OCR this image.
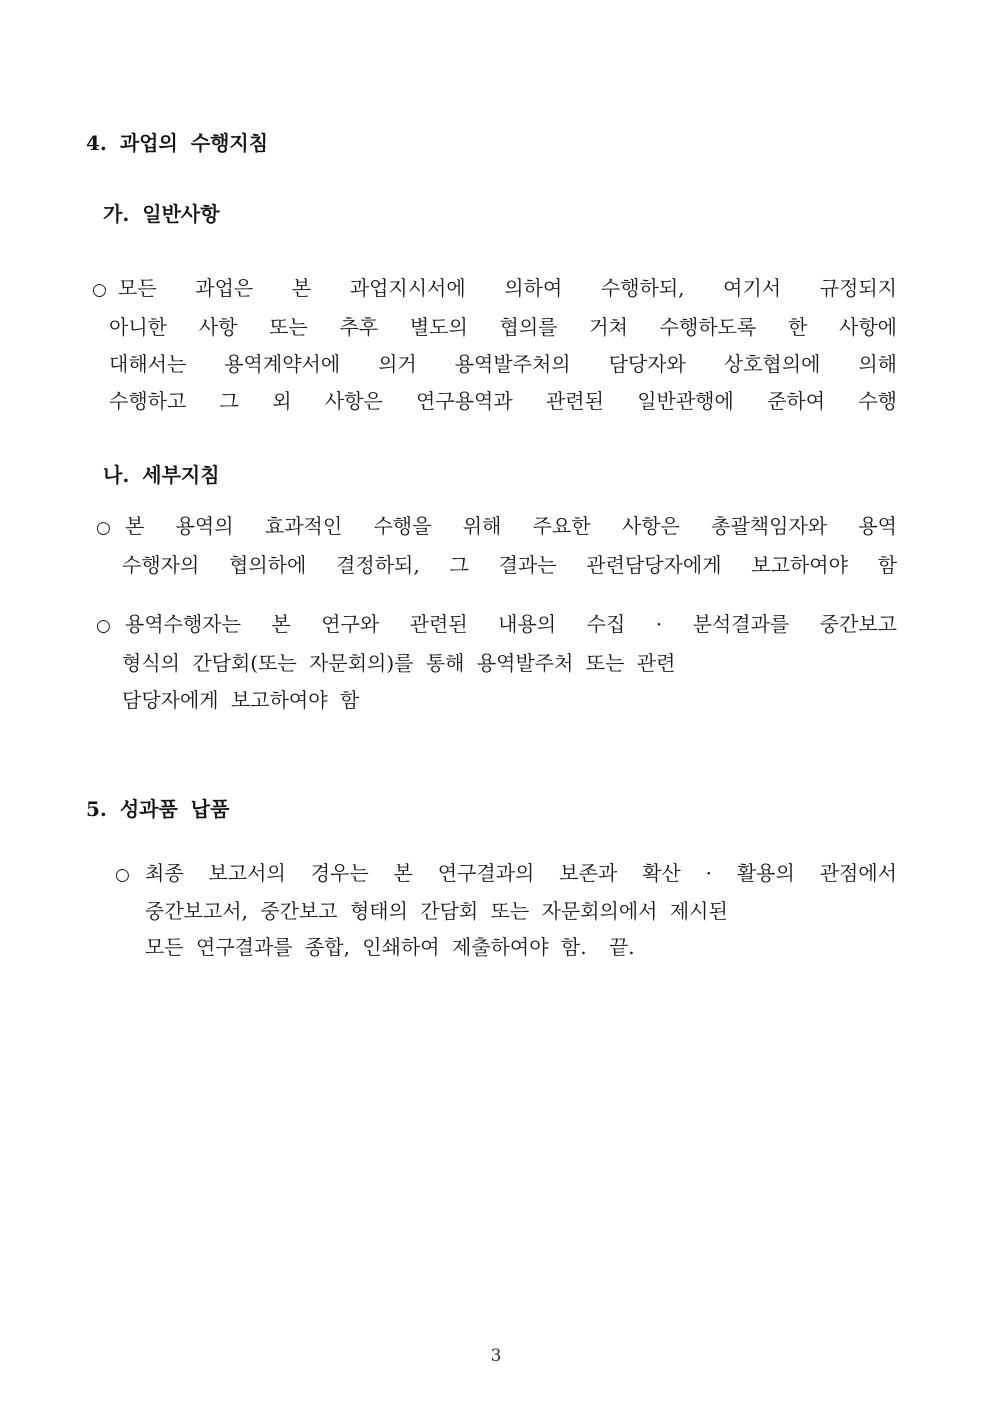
4. 과업의 수행지침
가. 일반사항
○ 모든 과업은 본 과업지시서에 의하여 수행하되, 여기서 규정되지
아니한 사항 또는 추후 별도의 협의를 거쳐 수행하도록 한 사항에
대해서는 용역계약서에 의거 용역발주처의 담당자와 상호협의에 의해
수행하고 그 외 사항은 연구용역과 관련된 일반관행에 준하여 수행
나. 세부지침
○ 본 용역의 효과적인 수행을 위해 주요한 사항은 총괄책임자와 용역
수행자의 협의하에 결정하되, 그 결과는 관련담당자에게 보고하여야 함
○ 용역수행자는 본 연구와 관련된 내용의 수집 · 분석결과를 중간보고
형식의 간담회(또는 자문회의)를 통해 용역발주처 또는 관련
담당자에게 보고하여야 함
5. 성과품 납품
○ 최종 보고서의 경우는 본 연구결과의 보존과 확산 · 활용의 관점에서
중간보고서, 중간보고 형태의 간담회 또는 자문회의에서 제시된
모든 연구결과를 종합, 인쇄하여 제출하여야 함.  끝.
3
